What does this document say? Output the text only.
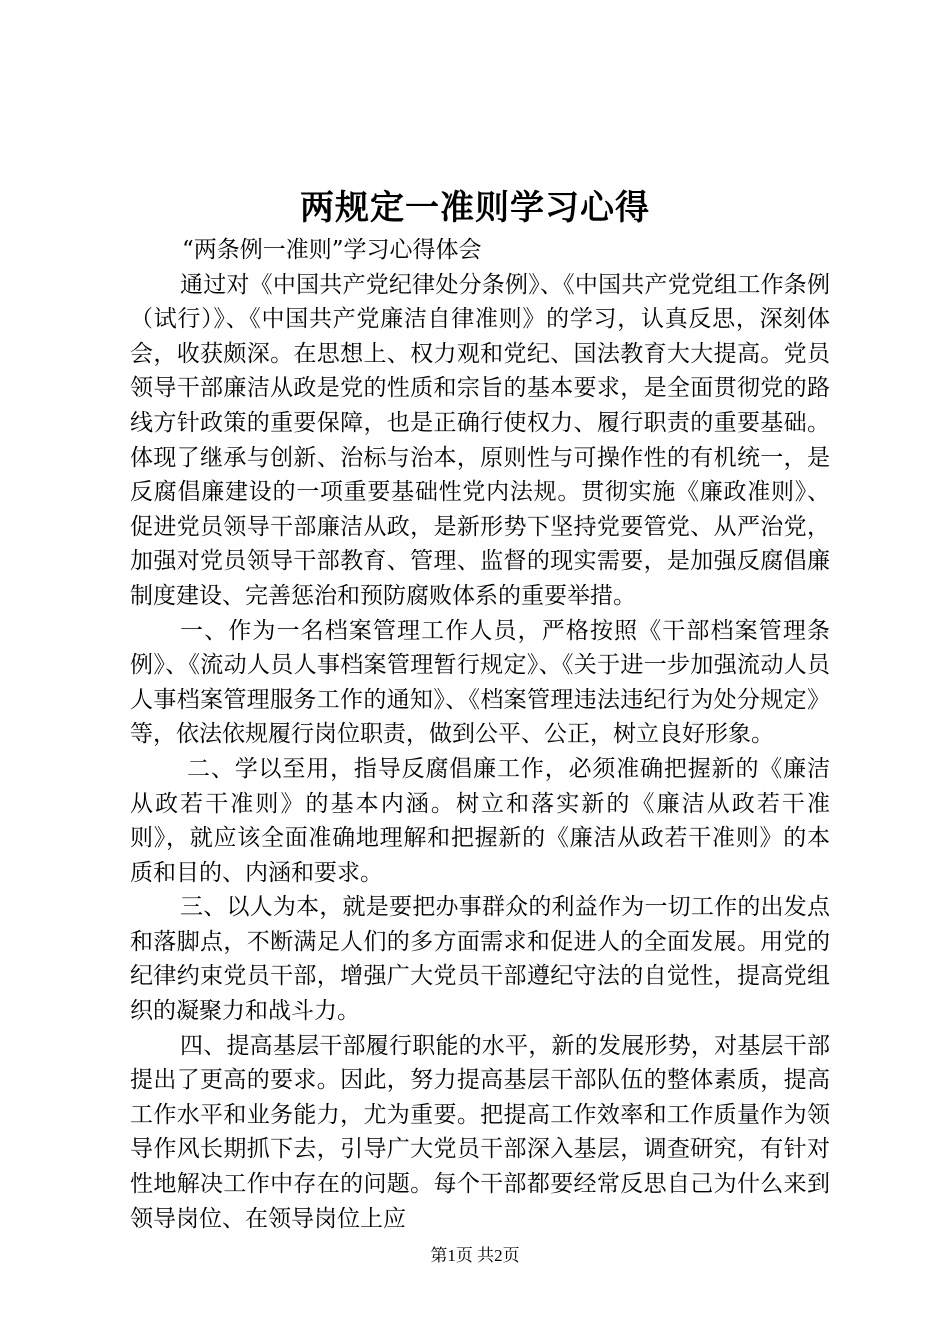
两规定一准则学习心得

“两条例一准则”学习心得体会

通过对《中国共产党纪律处分条例》、《中国共产党党组工作条例（试行）》、《中国共产党廉洁自律准则》的学习，认真反思，深刻体会，收获颇深。在思想上、权力观和党纪、国法教育大大提高。党员领导干部廉洁从政是党的性质和宗旨的基本要求，是全面贯彻党的路线方针政策的重要保障，也是正确行使权力、履行职责的重要基础。体现了继承与创新、治标与治本，原则性与可操作性的有机统一，是反腐倡廉建设的一项重要基础性党内法规。贯彻实施《廉政准则》、促进党员领导干部廉洁从政，是新形势下坚持党要管党、从严治党，加强对党员领导干部教育、管理、监督的现实需要，是加强反腐倡廉制度建设、完善惩治和预防腐败体系的重要举措。

一、作为一名档案管理工作人员，严格按照《干部档案管理条例》、《流动人员人事档案管理暂行规定》、《关于进一步加强流动人员人事档案管理服务工作的通知》、《档案管理违法违纪行为处分规定》等，依法依规履行岗位职责，做到公平、公正，树立良好形象。

二、学以至用，指导反腐倡廉工作，必须准确把握新的《廉洁从政若干准则》的基本内涵。树立和落实新的《廉洁从政若干准则》，就应该全面准确地理解和把握新的《廉洁从政若干准则》的本质和目的、内涵和要求。

三、以人为本，就是要把办事群众的利益作为一切工作的出发点和落脚点，不断满足人们的多方面需求和促进人的全面发展。用党的纪律约束党员干部，增强广大党员干部遵纪守法的自觉性，提高党组织的凝聚力和战斗力。

四、提高基层干部履行职能的水平，新的发展形势，对基层干部提出了更高的要求。因此，努力提高基层干部队伍的整体素质，提高工作水平和业务能力，尤为重要。把提高工作效率和工作质量作为领导作风长期抓下去，引导广大党员干部深入基层，调查研究，有针对性地解决工作中存在的问题。每个干部都要经常反思自己为什么来到领导岗位、在领导岗位上应

第1页 共2页
